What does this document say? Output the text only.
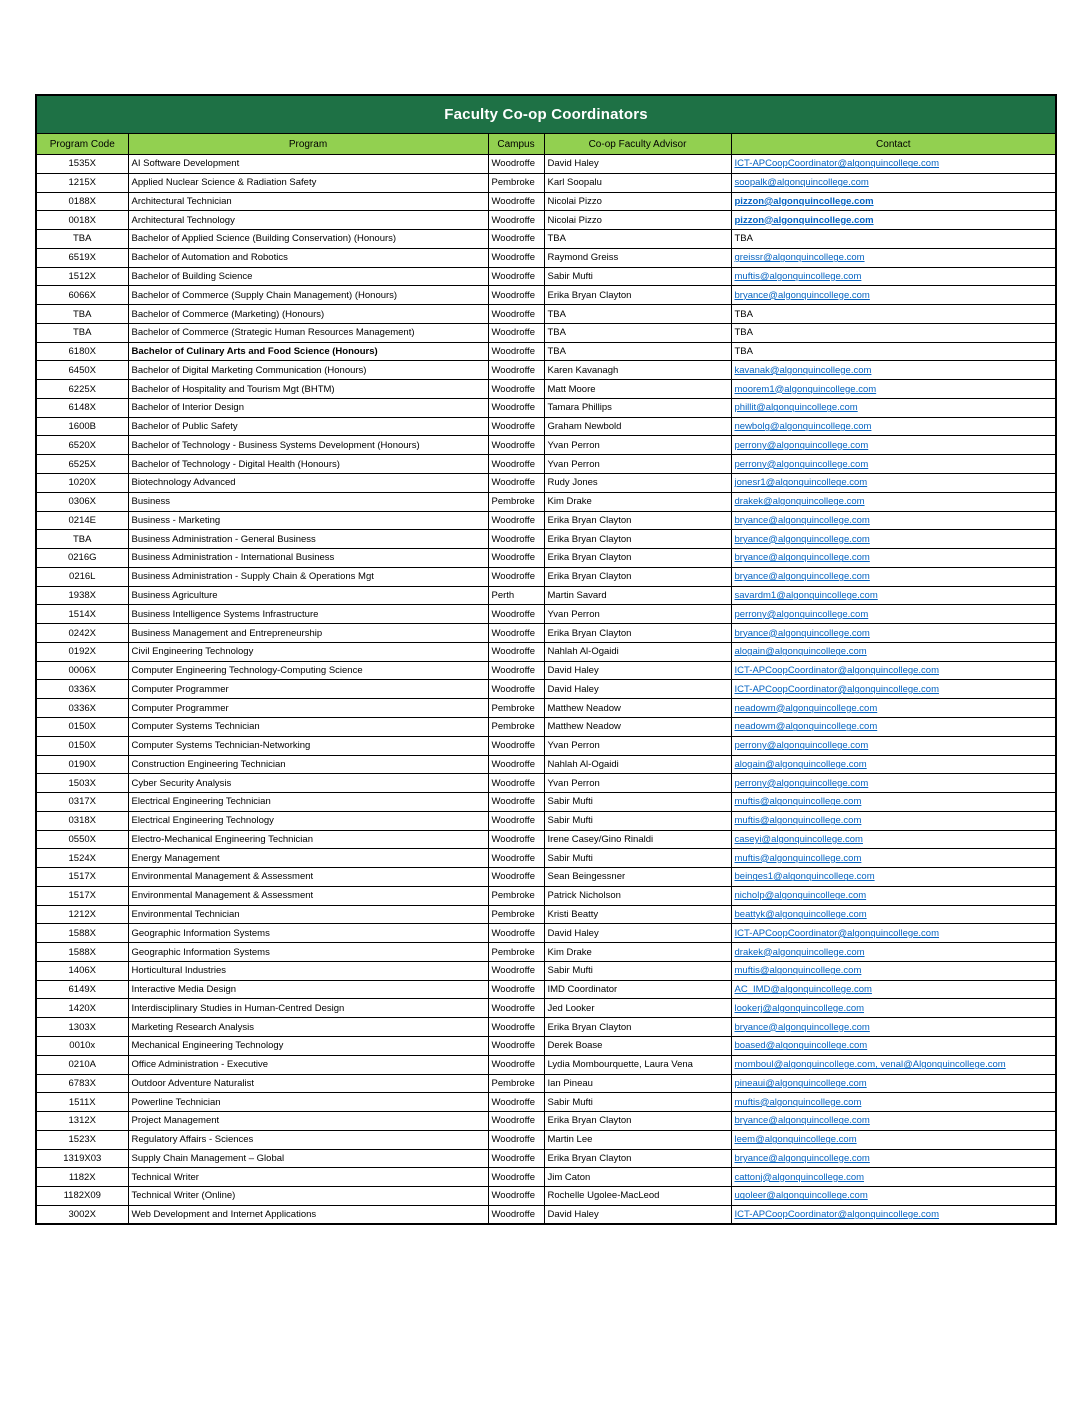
Faculty Co-op Coordinators				
Program Code	Program	Campus	Co-op Faculty Advisor	Contact
1535X	AI Software Development	Woodroffe	David Haley	ICT-APCoopCoordinator@algonquincollege.com
1215X	Applied Nuclear Science & Radiation Safety	Pembroke	Karl Soopalu	soopalk@algonquincollege.com
0188X	Architectural Technician	Woodroffe	Nicolai Pizzo	pizzon@algonquincollege.com
0018X	Architectural Technology	Woodroffe	Nicolai Pizzo	pizzon@algonquincollege.com
TBA	Bachelor of Applied Science (Building Conservation) (Honours)	Woodroffe	TBA	TBA
6519X	Bachelor of Automation and Robotics	Woodroffe	Raymond Greiss	greissr@algonquincollege.com
1512X	Bachelor of Building Science	Woodroffe	Sabir Mufti	muftis@algonquincollege.com
6066X	Bachelor of Commerce (Supply Chain Management) (Honours)	Woodroffe	Erika Bryan Clayton	bryance@algonquincollege.com
TBA	Bachelor of Commerce (Marketing) (Honours)	Woodroffe	TBA	TBA
TBA	Bachelor of Commerce (Strategic Human Resources Management)	Woodroffe	TBA	TBA
6180X	Bachelor of Culinary Arts and Food Science (Honours)	Woodroffe	TBA	TBA
6450X	Bachelor of Digital Marketing Communication (Honours)	Woodroffe	Karen Kavanagh	kavanak@algonquincollege.com
6225X	Bachelor of Hospitality and Tourism Mgt (BHTM)	Woodroffe	Matt Moore	moorem1@algonquincollege.com
6148X	Bachelor of Interior Design	Woodroffe	Tamara Phillips	phillit@algonquincollege.com
1600B	Bachelor of Public Safety	Woodroffe	Graham Newbold	newbolg@algonquincollege.com
6520X	Bachelor of Technology - Business Systems Development (Honours)	Woodroffe	Yvan Perron	perrony@algonquincollege.com
6525X	Bachelor of Technology - Digital Health (Honours)	Woodroffe	Yvan Perron	perrony@algonquincollege.com
1020X	Biotechnology Advanced	Woodroffe	Rudy Jones	jonesr1@algonquincollege.com
0306X	Business	Pembroke	Kim Drake	drakek@algonquincollege.com
0214E	Business - Marketing	Woodroffe	Erika Bryan Clayton	bryance@algonquincollege.com
TBA	Business Administration - General Business	Woodroffe	Erika Bryan Clayton	bryance@algonquincollege.com
0216G	Business Administration - International Business	Woodroffe	Erika Bryan Clayton	bryance@algonquincollege.com
0216L	Business Administration - Supply Chain & Operations Mgt	Woodroffe	Erika Bryan Clayton	bryance@algonquincollege.com
1938X	Business Agriculture	Perth	Martin Savard	savardm1@algonquincollege.com
1514X	Business Intelligence Systems Infrastructure	Woodroffe	Yvan Perron	perrony@algonquincollege.com
0242X	Business Management and Entrepreneurship	Woodroffe	Erika Bryan Clayton	bryance@algonquincollege.com
0192X	Civil Engineering Technology	Woodroffe	Nahlah Al-Ogaidi	alogain@algonquincollege.com
0006X	Computer Engineering Technology-Computing Science	Woodroffe	David Haley	ICT-APCoopCoordinator@algonquincollege.com
0336X	Computer Programmer	Woodroffe	David Haley	ICT-APCoopCoordinator@algonquincollege.com
0336X	Computer Programmer	Pembroke	Matthew Neadow	neadowm@algonquincollege.com
0150X	Computer Systems Technician	Pembroke	Matthew Neadow	neadowm@algonquincollege.com
0150X	Computer Systems Technician-Networking	Woodroffe	Yvan Perron	perrony@algonquincollege.com
0190X	Construction Engineering Technician	Woodroffe	Nahlah Al-Ogaidi	alogain@algonquincollege.com
1503X	Cyber Security Analysis	Woodroffe	Yvan Perron	perrony@algonquincollege.com
0317X	Electrical Engineering Technician	Woodroffe	Sabir Mufti	muftis@algonquincollege.com
0318X	Electrical Engineering Technology	Woodroffe	Sabir Mufti	muftis@algonquincollege.com
0550X	Electro-Mechanical Engineering Technician	Woodroffe	Irene Casey/Gino Rinaldi	caseyi@algonquincollege.com
1524X	Energy Management	Woodroffe	Sabir Mufti	muftis@algonquincollege.com
1517X	Environmental Management & Assessment	Woodroffe	Sean Beingessner	beinges1@algonquincollege.com
1517X	Environmental Management & Assessment	Pembroke	Patrick Nicholson	nicholp@algonquincollege.com
1212X	Environmental Technician	Pembroke	Kristi Beatty	beattyk@algonquincollege.com
1588X	Geographic Information Systems	Woodroffe	David Haley	ICT-APCoopCoordinator@algonquincollege.com
1588X	Geographic Information Systems	Pembroke	Kim Drake	drakek@algonquincollege.com
1406X	Horticultural Industries	Woodroffe	Sabir Mufti	muftis@algonquincollege.com
6149X	Interactive Media Design	Woodroffe	IMD Coordinator	AC_IMD@algonquincollege.com
1420X	Interdisciplinary Studies in Human-Centred Design	Woodroffe	Jed Looker	lookerj@algonquincollege.com
1303X	Marketing Research Analysis	Woodroffe	Erika Bryan Clayton	bryance@algonquincollege.com
0010x	Mechanical Engineering Technology	Woodroffe	Derek Boase	boased@algonquincollege.com
0210A	Office Administration - Executive	Woodroffe	Lydia Mombourquette, Laura Vena	momboul@algonquincollege.com, venal@Algonquincollege.com
6783X	Outdoor Adventure Naturalist	Pembroke	Ian Pineau	pineaui@algonquincollege.com
1511X	Powerline Technician	Woodroffe	Sabir Mufti	muftis@algonquincollege.com
1312X	Project Management	Woodroffe	Erika Bryan Clayton	bryance@algonquincollege.com
1523X	Regulatory Affairs - Sciences	Woodroffe	Martin Lee	leem@algonquincollege.com
1319X03	Supply Chain Management – Global	Woodroffe	Erika Bryan Clayton	bryance@algonquincollege.com
1182X	Technical Writer	Woodroffe	Jim Caton	cattonj@algonquincollege.com
1182X09	Technical Writer (Online)	Woodroffe	Rochelle Ugolee-MacLeod	ugoleer@algonquincollege.com
3002X	Web Development and Internet Applications	Woodroffe	David Haley	ICT-APCoopCoordinator@algonquincollege.com
